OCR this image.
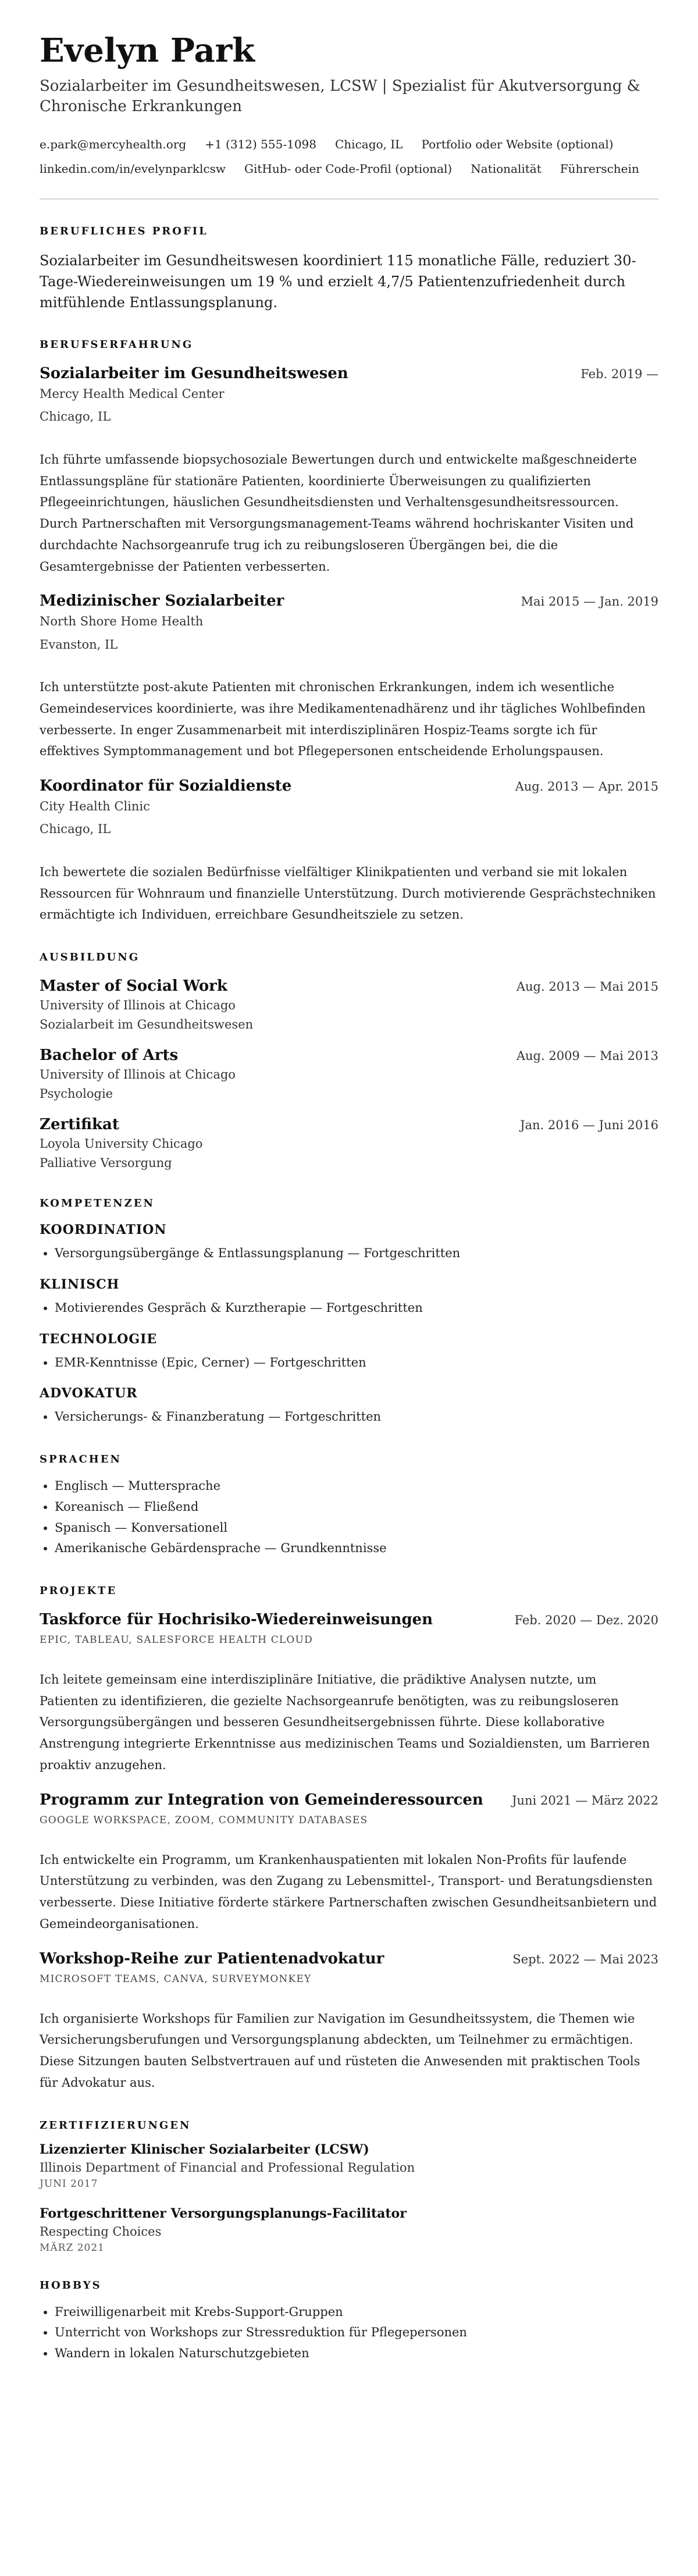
Evelyn Park

Sozialarbeiter im Gesundheitswesen, LCSW | Spezialist für Akutversorgung & Chronische Erkrankungen

e.park@mercyhealth.org +1 (312) 555-1098 Chicago, IL Portfolio oder Website (optional)
linkedin.com/in/evelynparklcsw GitHub- oder Code-Profil (optional) Nationalität Führerschein
BERUFLICHES PROFIL

Sozialarbeiter im Gesundheitswesen koordiniert 115 monatliche Fälle, reduziert 30-Tage-Wiedereinweisungen um 19 % und erzielt 4,7/5 Patientenzufriedenheit durch mitfühlende Entlassungsplanung.

BERUFSERFAHRUNG
Sozialarbeiter im Gesundheitswesen	Feb. 2019 —
Mercy Health Medical Center
Chicago, IL
Ich führte umfassende biopsychosoziale Bewertungen durch und entwickelte maßgeschneiderte Entlassungspläne für stationäre Patienten, koordinierte Überweisungen zu qualifizierten Pflegeeinrichtungen, häuslichen Gesundheitsdiensten und Verhaltensgesundheitsressourcen. Durch Partnerschaften mit Versorgungsmanagement-Teams während hochriskanter Visiten und durchdachte Nachsorgeanrufe trug ich zu reibungsloseren Übergängen bei, die die Gesamtergebnisse der Patienten verbesserten.
Medizinischer Sozialarbeiter	Mai 2015 — Jan. 2019
North Shore Home Health
Evanston, IL
Ich unterstützte post-akute Patienten mit chronischen Erkrankungen, indem ich wesentliche Gemeindeservices koordinierte, was ihre Medikamentenadhärenz und ihr tägliches Wohlbefinden verbesserte. In enger Zusammenarbeit mit interdisziplinären Hospiz-Teams sorgte ich für effektives Symptommanagement und bot Pflegepersonen entscheidende Erholungspausen.
Koordinator für Sozialdienste	Aug. 2013 — Apr. 2015
City Health Clinic
Chicago, IL
Ich bewertete die sozialen Bedürfnisse vielfältiger Klinikpatienten und verband sie mit lokalen Ressourcen für Wohnraum und finanzielle Unterstützung. Durch motivierende Gesprächstechniken ermächtigte ich Individuen, erreichbare Gesundheitsziele zu setzen.
AUSBILDUNG
Master of Social Work	Aug. 2013 — Mai 2015
University of Illinois at Chicago
Sozialarbeit im Gesundheitswesen
Bachelor of Arts	Aug. 2009 — Mai 2013
University of Illinois at Chicago
Psychologie
Zertifikat	Jan. 2016 — Juni 2016
Loyola University Chicago
Palliative Versorgung
KOMPETENZEN
KOORDINATION
• Versorgungsübergänge & Entlassungsplanung — Fortgeschritten
KLINISCH
• Motivierendes Gespräch & Kurztherapie — Fortgeschritten
TECHNOLOGIE
• EMR-Kenntnisse (Epic, Cerner) — Fortgeschritten
ADVOKATUR
• Versicherungs- & Finanzberatung — Fortgeschritten
SPRACHEN
• Englisch — Muttersprache
• Koreanisch — Fließend
• Spanisch — Konversationell
• Amerikanische Gebärdensprache — Grundkenntnisse
PROJEKTE
Taskforce für Hochrisiko-Wiedereinweisungen	Feb. 2020 — Dez. 2020
EPIC, TABLEAU, SALESFORCE HEALTH CLOUD
Ich leitete gemeinsam eine interdisziplinäre Initiative, die prädiktive Analysen nutzte, um Patienten zu identifizieren, die gezielte Nachsorgeanrufe benötigten, was zu reibungsloseren Versorgungsübergängen und besseren Gesundheitsergebnissen führte. Diese kollaborative Anstrengung integrierte Erkenntnisse aus medizinischen Teams und Sozialdiensten, um Barrieren proaktiv anzugehen.
Programm zur Integration von Gemeinderessourcen Juni 2021 — März 2022
GOOGLE WORKSPACE, ZOOM, COMMUNITY DATABASES
Ich entwickelte ein Programm, um Krankenhauspatienten mit lokalen Non-Profits für laufende Unterstützung zu verbinden, was den Zugang zu Lebensmittel-, Transport- und Beratungsdiensten verbesserte. Diese Initiative förderte stärkere Partnerschaften zwischen Gesundheitsanbietern und Gemeindeorganisationen.
Workshop-Reihe zur Patientenadvokatur	Sept. 2022 — Mai 2023
MICROSOFT TEAMS, CANVA, SURVEYMONKEY
Ich organisierte Workshops für Familien zur Navigation im Gesundheitssystem, die Themen wie Versicherungsberufungen und Versorgungsplanung abdeckten, um Teilnehmer zu ermächtigen. Diese Sitzungen bauten Selbstvertrauen auf und rüsteten die Anwesenden mit praktischen Tools für Advokatur aus.
ZERTIFIZIERUNGEN
Lizenzierter Klinischer Sozialarbeiter (LCSW)
Illinois Department of Financial and Professional Regulation
JUNI 2017
Fortgeschrittener Versorgungsplanungs-Facilitator
Respecting Choices
MÄRZ 2021
HOBBYS
• Freiwilligenarbeit mit Krebs-Support-Gruppen
• Unterricht von Workshops zur Stressreduktion für Pflegepersonen
• Wandern in lokalen Naturschutzgebieten
